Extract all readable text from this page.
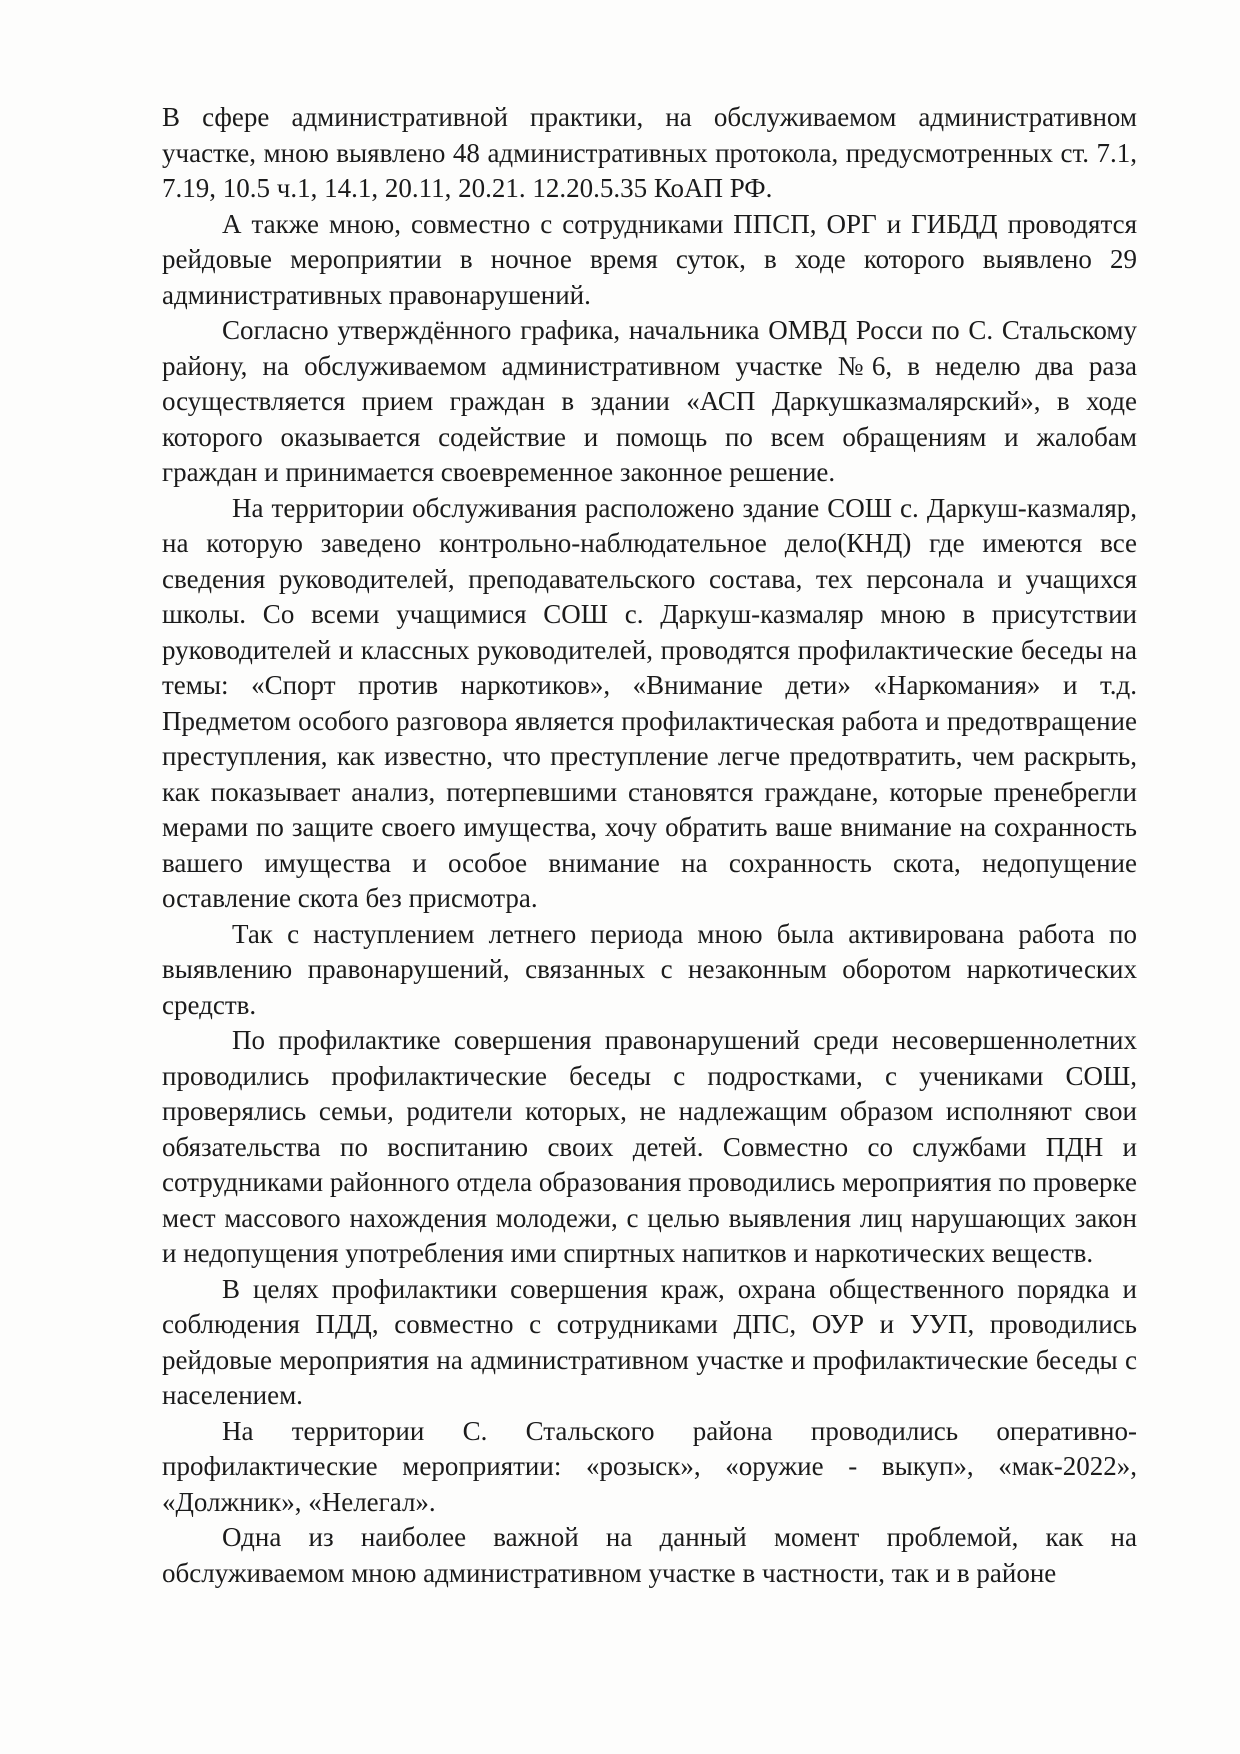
В сфере административной практики, на обслуживаемом административном участке, мною выявлено 48 административных протокола, предусмотренных ст. 7.1, 7.19, 10.5 ч.1, 14.1, 20.11, 20.21. 12.20.5.35 КоАП РФ.

А также мною, совместно с сотрудниками ППСП, ОРГ и ГИБДД проводятся рейдовые мероприятии в ночное время суток, в ходе которого выявлено 29 административных правонарушений.

Согласно утверждённого графика, начальника ОМВД Росси по С. Стальскому району, на обслуживаемом административном участке №6, в неделю два раза осуществляется прием граждан в здании «АСП Даркушказмалярский», в ходе которого оказывается содействие и помощь по всем обращениям и жалобам граждан и принимается своевременное законное решение.

На территории обслуживания расположено здание СОШ с. Даркуш-казмаляр, на которую заведено контрольно-наблюдательное дело(КНД) где имеются все сведения руководителей, преподавательского состава, тех персонала и учащихся школы. Со всеми учащимися СОШ с. Даркуш-казмаляр мною в присутствии руководителей и классных руководителей, проводятся профилактические беседы на темы: «Спорт против наркотиков», «Внимание дети» «Наркомания» и т.д. Предметом особого разговора является профилактическая работа и предотвращение преступления, как известно, что преступление легче предотвратить, чем раскрыть, как показывает анализ, потерпевшими становятся граждане, которые пренебрегли мерами по защите своего имущества, хочу обратить ваше внимание на сохранность вашего имущества и особое внимание на сохранность скота, недопущение оставление скота без присмотра.

Так с наступлением летнего периода мною была активирована работа по выявлению правонарушений, связанных с незаконным оборотом наркотических средств.

По профилактике совершения правонарушений среди несовершеннолетних проводились профилактические беседы с подростками, с учениками СОШ, проверялись семьи, родители которых, не надлежащим образом исполняют свои обязательства по воспитанию своих детей. Совместно со службами ПДН и сотрудниками районного отдела образования проводились мероприятия по проверке мест массового нахождения молодежи, с целью выявления лиц нарушающих закон и недопущения употребления ими спиртных напитков и наркотических веществ.

В целях профилактики совершения краж, охрана общественного порядка и соблюдения ПДД, совместно с сотрудниками ДПС, ОУР и УУП, проводились рейдовые мероприятия на административном участке и профилактические беседы с населением.

На территории С. Стальского района проводились оперативно-профилактические мероприятии: «розыск», «оружие - выкуп», «мак-2022», «Должник», «Нелегал».

Одна из наиболее важной на данный момент проблемой, как на обслуживаемом мною административном участке в частности, так и в районе
